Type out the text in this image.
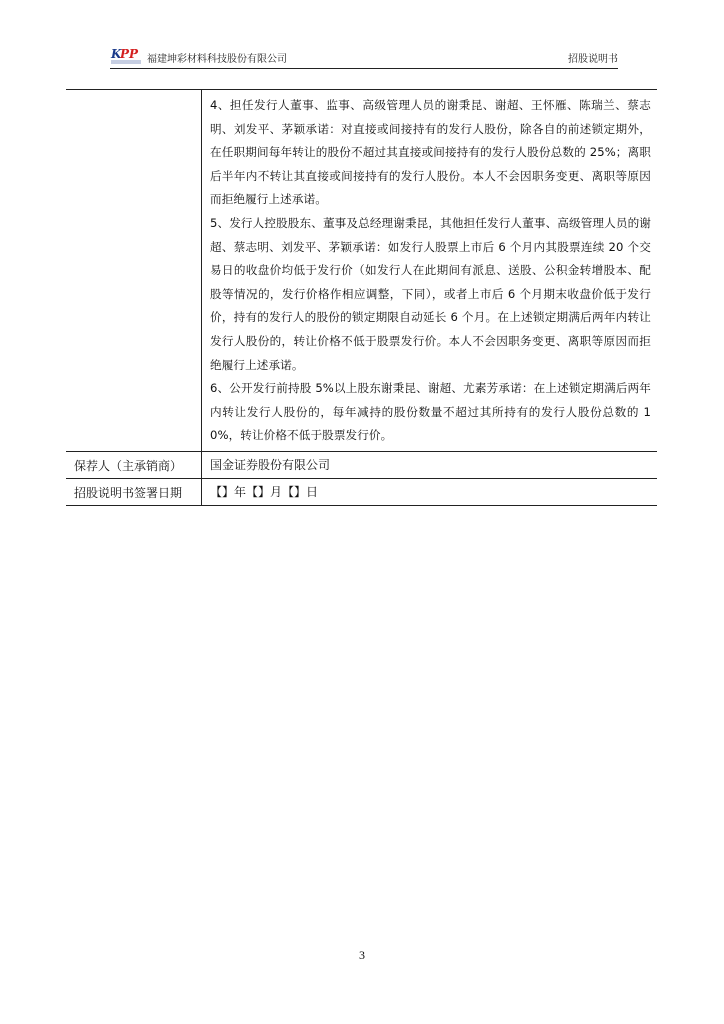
K
PP 福建坤彩材料科技股份有限公司	招股说明书

	4、担任发行人董事、监事、高级管理人员的谢秉昆、谢超、王怀雁、陈瑞兰、蔡志明、刘发平、茅颖承诺：对直接或间接持有的发行人股份，除各自的前述锁定期外，在任职期间每年转让的股份不超过其直接或间接持有的发行人股份总数的 25%；离职后半年内不转让其直接或间接持有的发行人股份。本人不会因职务变更、离职等原因而拒绝履行上述承诺。

5、发行人控股股东、董事及总经理谢秉昆，其他担任发行人董事、高级管理人员的谢超、蔡志明、刘发平、茅颖承诺：如发行人股票上市后 6 个月内其股票连续 20 个交易日的收盘价均低于发行价（如发行人在此期间有派息、送股、公积金转增股本、配股等情况的，发行价格作相应调整，下同），或者上市后 6 个月期末收盘价低于发行价，持有的发行人的股份的锁定期限自动延长 6 个月。在上述锁定期满后两年内转让发行人股份的，转让价格不低于股票发行价。本人不会因职务变更、离职等原因而拒绝履行上述承诺。

6、公开发行前持股 5%以上股东谢秉昆、谢超、尤素芳承诺：在上述锁定期满后两年内转让发行人股份的，每年减持的股份数量不超过其所持有的发行人股份总数的 10%，转让价格不低于股票发行价。

保荐人（主承销商）	国金证券股份有限公司
招股说明书签署日期	【】年【】月【】日
3
